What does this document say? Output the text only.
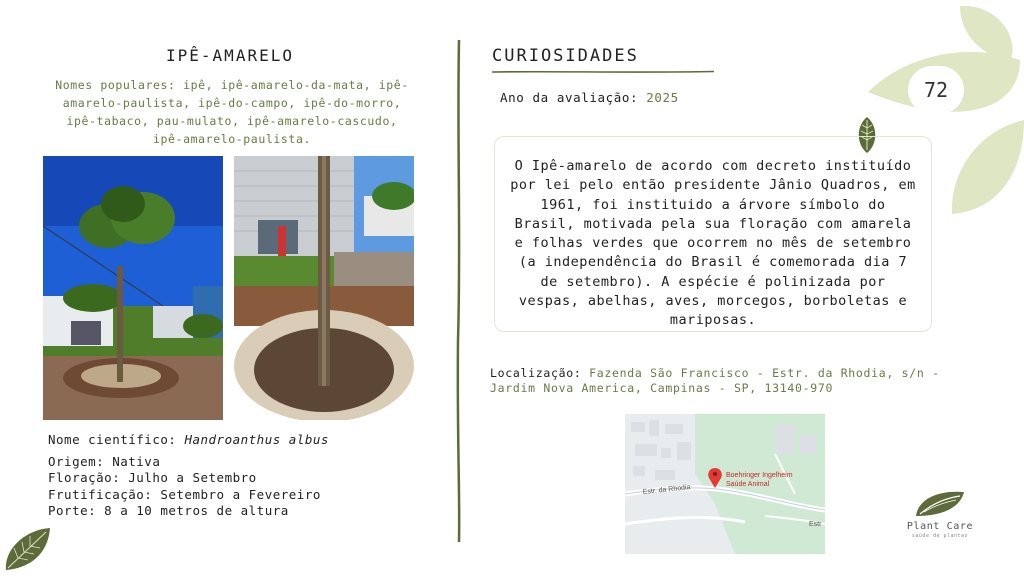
72
IPÊ-AMARELO
Nomes populares: ipê, ipê-amarelo-da-mata, ipê-amarelo-paulista, ipê-do-campo, ipê-do-morro, ipê-tabaco, pau-mulato, ipê-amarelo-cascudo, ipê-amarelo-paulista.
Nome científico: Handroanthus albus
Origem: Nativa
Floração: Julho a Setembro
Frutificação: Setembro a Fevereiro
Porte: 8 a 10 metros de altura
CURIOSIDADES
Ano da avaliação: 2025
O Ipê-amarelo de acordo com decreto instituído por lei pelo então presidente Jânio Quadros, em 1961, foi instituido a árvore símbolo do Brasil, motivada pela sua floração com amarela e folhas verdes que ocorrem no mês de setembro (a independência do Brasil é comemorada dia 7 de setembro). A espécie é polinizada por vespas, abelhas, aves, morcegos, borboletas e mariposas.
Localização: Fazenda São Francisco - Estr. da Rhodia, s/n - Jardim Nova America, Campinas - SP, 13140-970
Estr. da Rhodia
Estr
Boehringer Ingelheim
Saúde Animal
Plant Care
saúde de plantas
